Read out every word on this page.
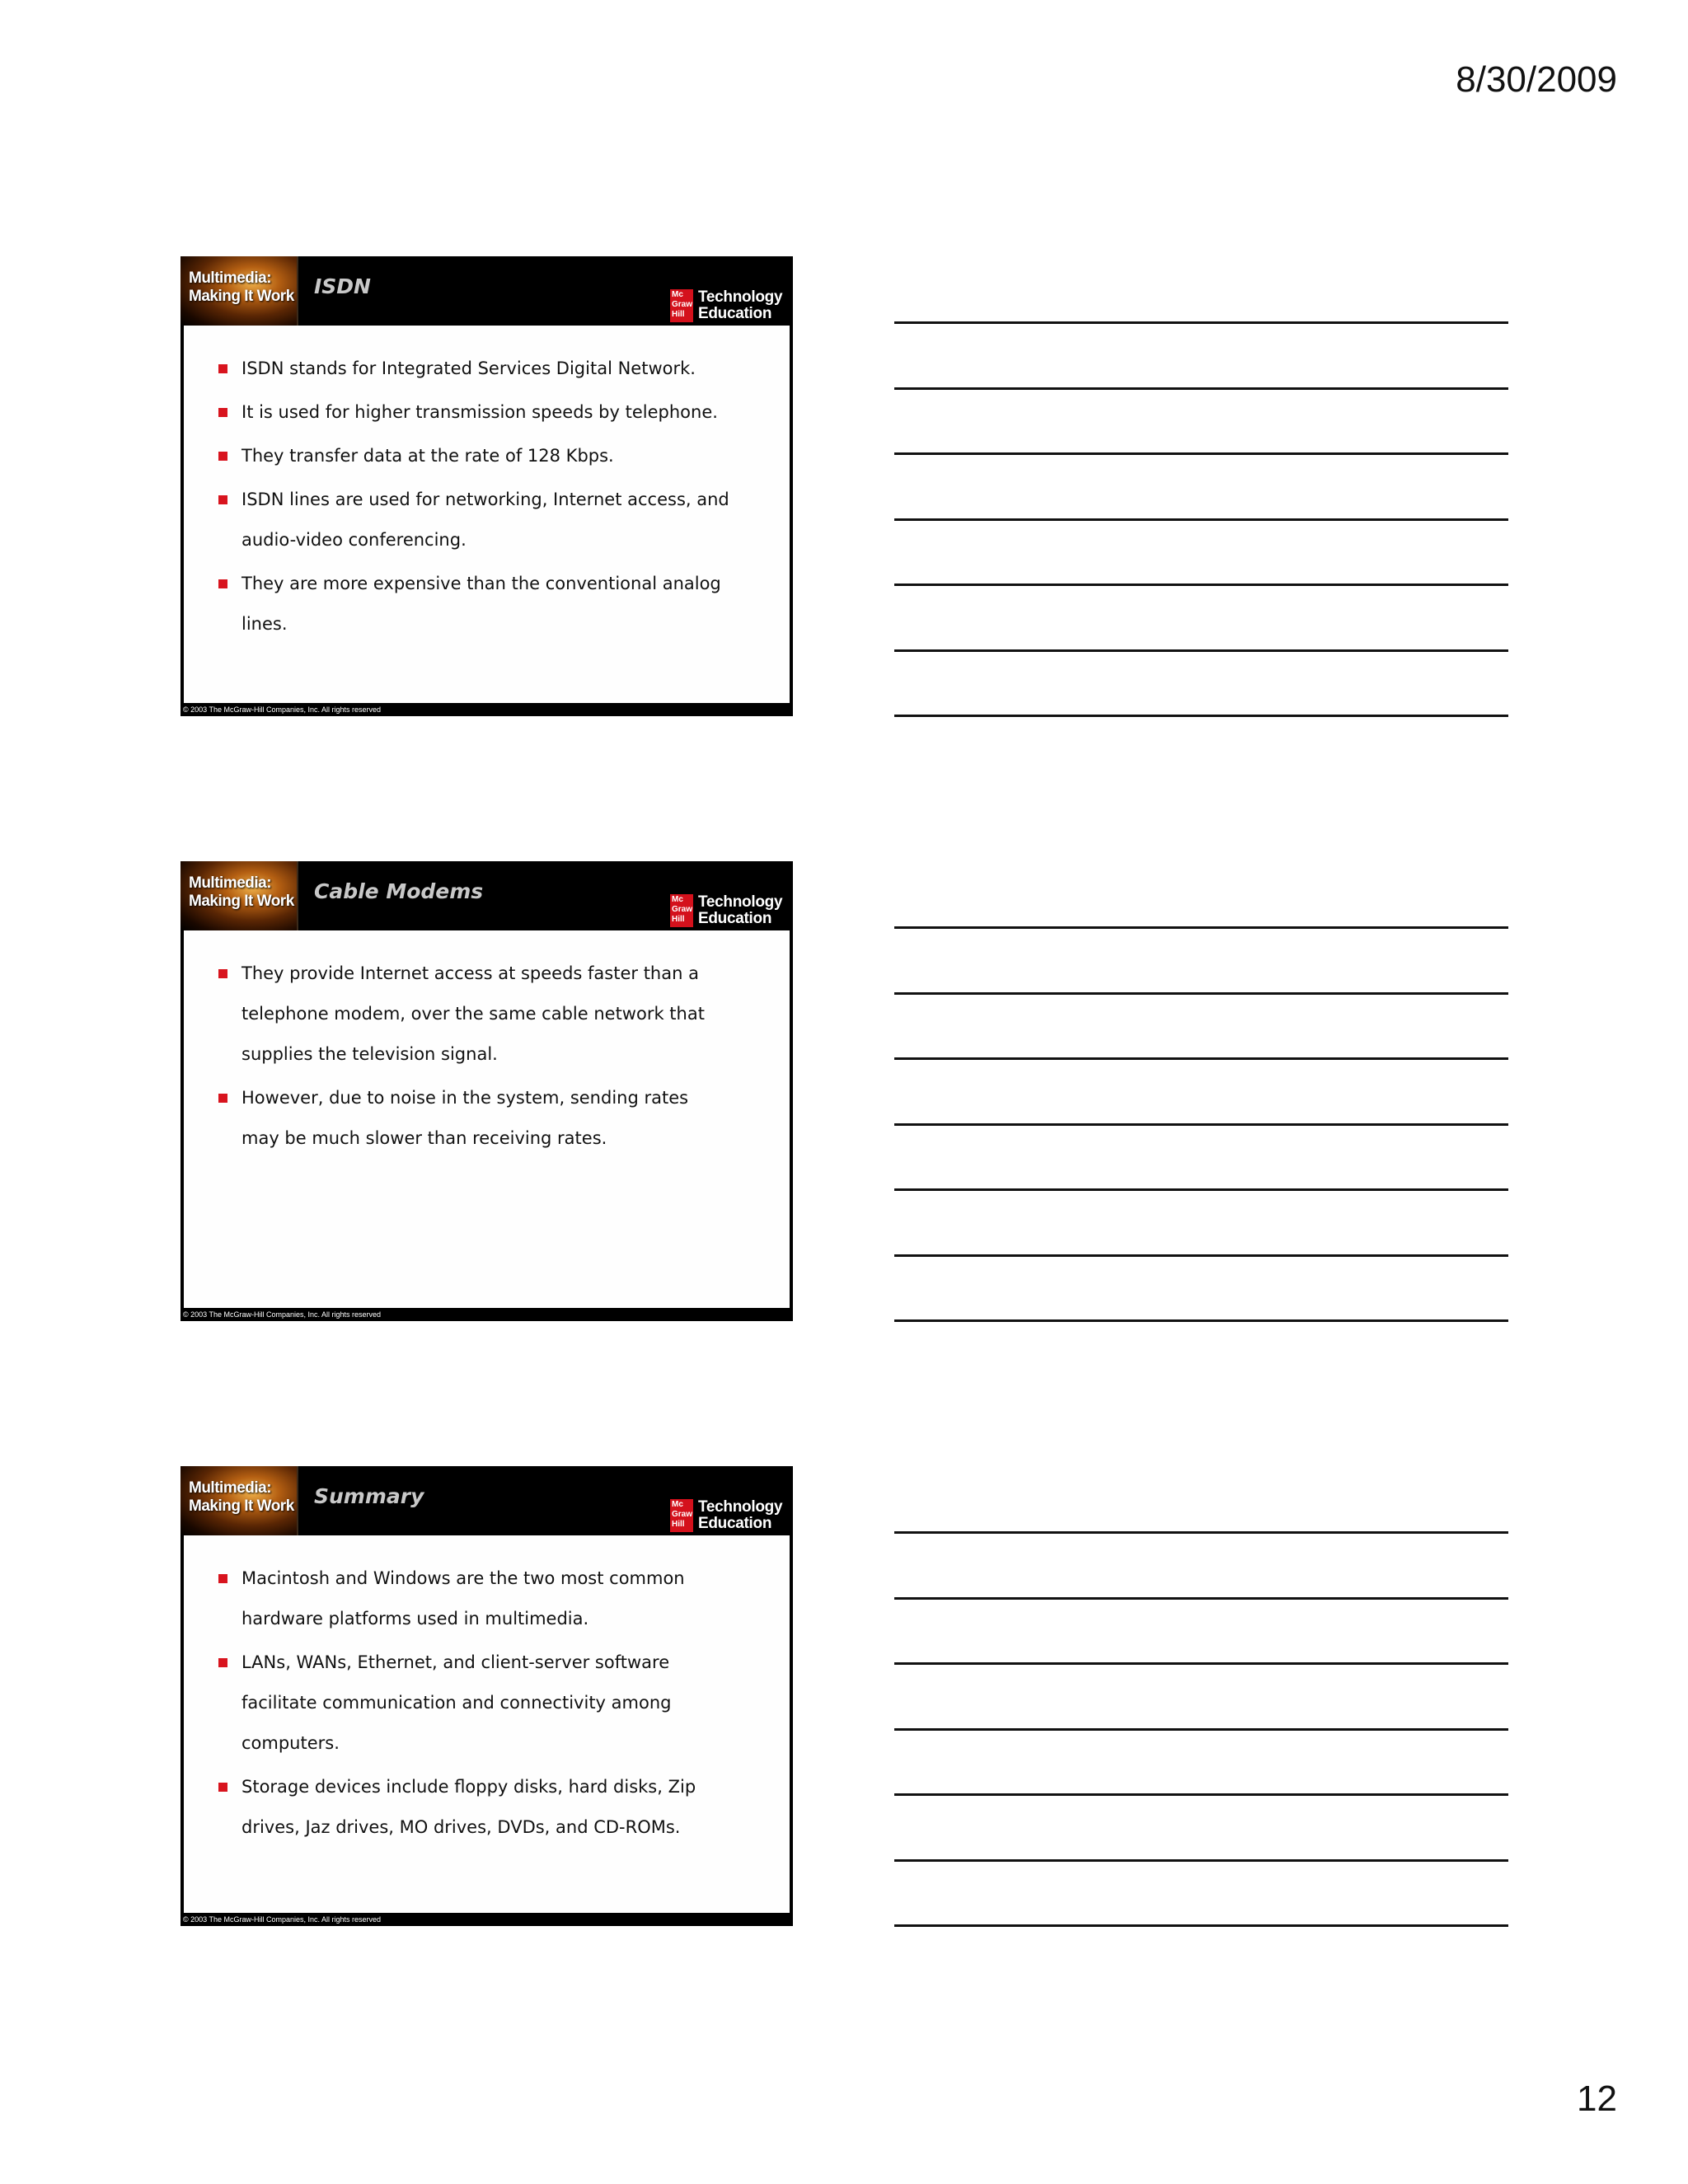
8/30/2009
Multimedia:
Making It Work ISDN	Mc Graw Hill
Technology
Education
ISDN stands for Integrated Services Digital Network.
It is used for higher transmission speeds by telephone.
They transfer data at the rate of 128 Kbps.
ISDN lines are used for networking, Internet access, and audio-video conferencing.
They are more expensive than the conventional analog lines.
© 2003 The McGraw-Hill Companies, Inc. All rights reserved
Multimedia:
Making It Work Cable Modems	Mc Graw Hill
Technology
Education
They provide Internet access at speeds faster than a telephone modem, over the same cable network that supplies the television signal.
However, due to noise in the system, sending rates may be much slower than receiving rates.
© 2003 The McGraw-Hill Companies, Inc. All rights reserved
Multimedia:
Making It Work Summary	Mc Graw Hill
Technology
Education
Macintosh and Windows are the two most common hardware platforms used in multimedia.
LANs, WANs, Ethernet, and client-server software facilitate communication and connectivity among computers.
Storage devices include floppy disks, hard disks, Zip drives, Jaz drives, MO drives, DVDs, and CD-ROMs.
© 2003 The McGraw-Hill Companies, Inc. All rights reserved
12
